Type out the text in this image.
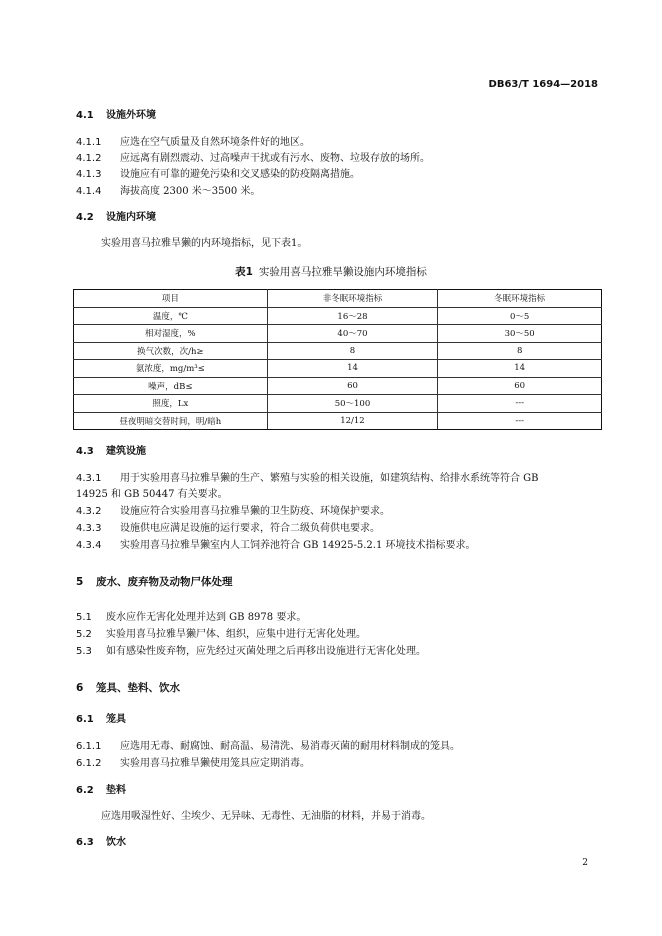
DB63/T 1694—2018
4.1 设施外环境
4.1.1 应选在空气质量及自然环境条件好的地区。
4.1.2 应远离有剧烈震动、过高噪声干扰或有污水、废物、垃圾存放的场所。
4.1.3 设施应有可靠的避免污染和交叉感染的防疫隔离措施。
4.1.4 海拔高度 2300 米～3500 米。
4.2 设施内环境
实验用喜马拉雅旱獭的内环境指标，见下表1。
表1 实验用喜马拉雅旱獭设施内环境指标
项目	非冬眠环境指标	冬眠环境指标
温度，℃	16～28	0～5
相对湿度，%	40～70	30～50
换气次数，次/h≥	8	8
氨浓度，mg/m³≤	14	14
噪声，dB≤	60	60
照度，Lx	50～100	---
昼夜明暗交替时间，明/暗h	12/12	---
4.3 建筑设施
4.3.1 用于实验用喜马拉雅旱獭的生产、繁殖与实验的相关设施，如建筑结构、给排水系统等符合 GB
14925 和 GB 50447 有关要求。
4.3.2 设施应符合实验用喜马拉雅旱獭的卫生防疫、环境保护要求。
4.3.3 设施供电应满足设施的运行要求，符合二级负荷供电要求。
4.3.4 实验用喜马拉雅旱獭室内人工饲养池符合 GB 14925-5.2.1 环境技术指标要求。
5 废水、废弃物及动物尸体处理
5.1 废水应作无害化处理并达到 GB 8978 要求。
5.2 实验用喜马拉雅旱獭尸体、组织，应集中进行无害化处理。
5.3 如有感染性废弃物，应先经过灭菌处理之后再移出设施进行无害化处理。
6 笼具、垫料、饮水
6.1 笼具
6.1.1 应选用无毒、耐腐蚀、耐高温、易清洗、易消毒灭菌的耐用材料制成的笼具。
6.1.2 实验用喜马拉雅旱獭使用笼具应定期消毒。
6.2 垫料
应选用吸湿性好、尘埃少、无异味、无毒性、无油脂的材料，并易于消毒。
6.3 饮水
2
